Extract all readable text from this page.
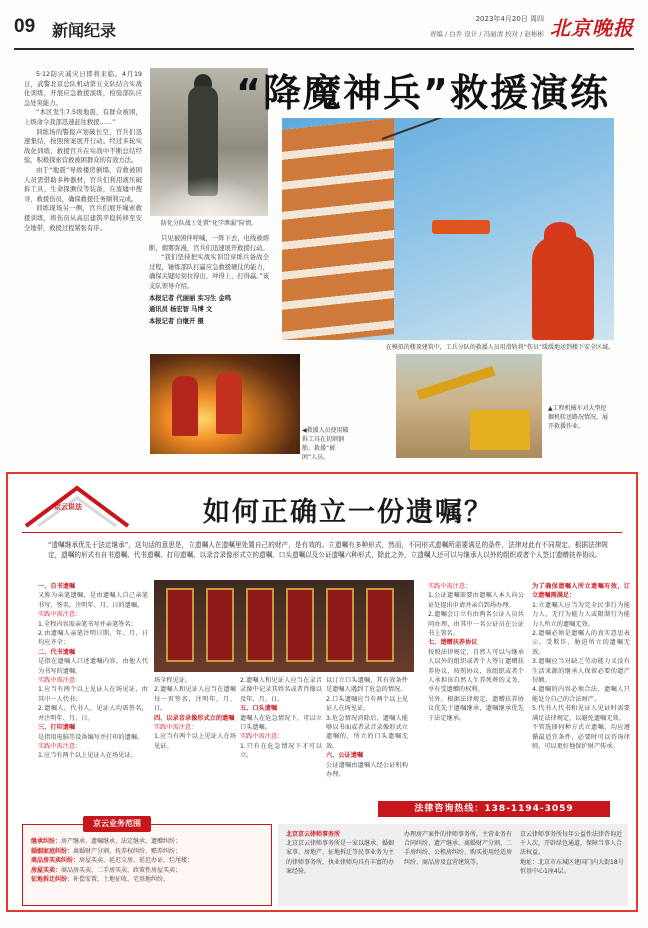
09 新闻纪录
2023年4月20日 周四
责编 / 白乔 设计 / 冯丽清 校对 / 赵彬彬 北京晚报

5·12防灾减灾日即将来临。4月19日，武警北京总队机动第五支队结合实战化训练，开展应急救援演练，检验部队应急处突能力。

“本区发生7.5级地震，有群众被困，上级命令我部迅速赶往救援……”

训练场的警报声划破长空，官兵们迅速集结，按照预案展开行动。经过多轮实战化训练，救援官兵在实战中不断总结经验，积极探索营救被困群众的有效方法。

由于“地震”导致楼房倒塌，营救被困人员需借助多种器材，官兵们利用液压破拆工具、生命探测仪等装备，在废墟中搜寻、救援伤员，确保救援任务顺利完成。

训练现场另一侧，官兵们展开绳索救援训练，将伤员从高层建筑平稳转移至安全地带，救援过程紧张有序。

防化分队战士处置“化学泄漏”险情。

只见被困伴呼喊，一阵下去，电线被熔断，烟雾弥漫，官兵们迅速展开救援行动。

“我们坚持把实战实训贯穿练兵备战全过程，锤炼部队打赢应急救援硬仗的能力，确保关键时刻拉得出、冲得上、打得赢。”该支队领导介绍。

本报记者 代丽丽 实习生 金鸣

通讯员 杨宏智 马博 文

本报记者 白继开 摄

“降魔神兵”救援演练
在模拟的楼顶建筑中，工兵分队的救援人员用滑轨将“伤员”缓缓地送到楼下安全区域。
◀救援人员使用破拆工具在切割钢筋，救援“被困”人员。
▲工程机械车对大型挖掘机转送路况情况，展开救援作业。
京云说法	如何正确立一份遗嘱？
“遗嘱继承优先于法定继承”，这句话的意思是，立遗嘱人在遗嘱里处置自己的财产，是有效的。立遗嘱有多种形式，然而，不同形式遗嘱所需要满足的条件，法律对此有不同规定。根据法律规定，遗嘱的形式有自书遗嘱、代书遗嘱、打印遗嘱、以录音录像形式立的遗嘱、口头遗嘱以及公证遗嘱六种形式，除此之外，立遗嘱人还可以与继承人以外的组织或者个人签订遗赠扶养协议。
一、自书遗嘱
又称为亲笔遗嘱，是由遗嘱人自己亲笔书写、签名，注明年、月、日的遗嘱。
实践中需注意：
1.全程内容需亲笔书写并亲笔签名；
2.由遗嘱人亲笔注明日期，年、月、日均应齐全；
二、代书遗嘱
是指在遗嘱人口述遗嘱内容，由他人代为书写的遗嘱。
实践中需注意：
1.应当有两个以上见证人在场见证，由其中一人代书；
2.遗嘱人、代书人、见证人均需签名，并注明年、月、日。
三、打印遗嘱
是指用电脑等设备编写并打印的遗嘱。
实践中需注意：
1.应当有两个以上见证人在场见证。
场全程见证。
2.遗嘱人和见证人应当在遗嘱每一页签名，注明年、月、日。
四、以录音录像形式立的遗嘱
实践中需注意：
1.应当有两个以上见证人在场见证。
2.遗嘱人和见证人应当在录音录像中记录其姓名或者肖像以及年、月、日。
五、口头遗嘱
遗嘱人在危急情况下，可以立口头遗嘱。
实践中需注意：
1.只有在危急情况下才可以立。
以订立口头遗嘱，其有效条件是遗嘱人遇到了危急的情况。
2.口头遗嘱应当有两个以上见证人在场见证。
3.危急情况消除后，遗嘱人能够以书面或者录音录像形式立遗嘱的，所立的口头遗嘱无效。
六、公证遗嘱
公证遗嘱由遗嘱人经公证机构办理。
实践中需注意：
1.公证遗嘱需要由遗嘱人本人向公证处提出申请并亲自到场办理。
2.遗嘱会订立有由两名公证人员共同办理，由其中一名公证员在公证书上署名。
七、遗赠扶养协议
按照法律规定，自然人可以与继承人以外的组织或者个人签订遗赠扶养协议，按照协议，该组织或者个人承担该自然人生养死葬的义务，享有受遗赠的权利。
另外，根据法律规定，遗赠扶养协议优先于遗嘱继承，遗嘱继承优先于法定继承。
为了确保遗嘱人所立遗嘱有效，订立遗嘱需满足：
1.立遗嘱人应当为完全民事行为能力人，无行为能力人或限制行为能力人所立的遗嘱无效。
2.遗嘱必须是遗嘱人的真实意思表示，受欺诈、胁迫所立的遗嘱无效。
3.遗嘱应当对缺乏劳动能力又没有生活来源的继承人保留必要的遗产份额。
4.遗嘱的内容必须合法，遗嘱人只能处分自己的合法财产。
5.代书人代书和见证人见证时需要满足法律规定，以避免遗嘱无效。
不管选择何种方式立遗嘱，均应遵循最适宜条件，必要时可以咨询律师，可以更好地保护财产传承。
法律咨询热线：138-1194-3059
京云业务范围
继承纠纷：房产继承、遗嘱继承、法定继承、遗赠纠纷；
婚姻家庭纠纷：离婚财产分割、抚养权纠纷、赡养纠纷；
商品房买卖纠纷：房屋买卖、延迟交房、延迟办证、烂尾楼；
房屋买卖：商品房买卖、二手房买卖、政策性房屋买卖；
征地拆迁纠纷：补偿安置、土地征收、宅基地纠纷。
北京京云律师事务所
北京京云律师事务所是一家以继承、婚姻家事、房地产、征地拆迁等民事业务为主的律师事务所，执业律师均具有丰富的办案经验。
办理房产案件的律师事务所，主营业务有合同纠纷、遗产继承、离婚财产分割、二手房纠纷、公租房纠纷、购买使用经适房纠纷、商品房及直营建筑等。
京云律师事务所每年公益性法律咨询近千人次，开辟绿色通道，保障当事人合法权益。
地址：北京市东城区建国门内大街18号恒基中心1座4层。
